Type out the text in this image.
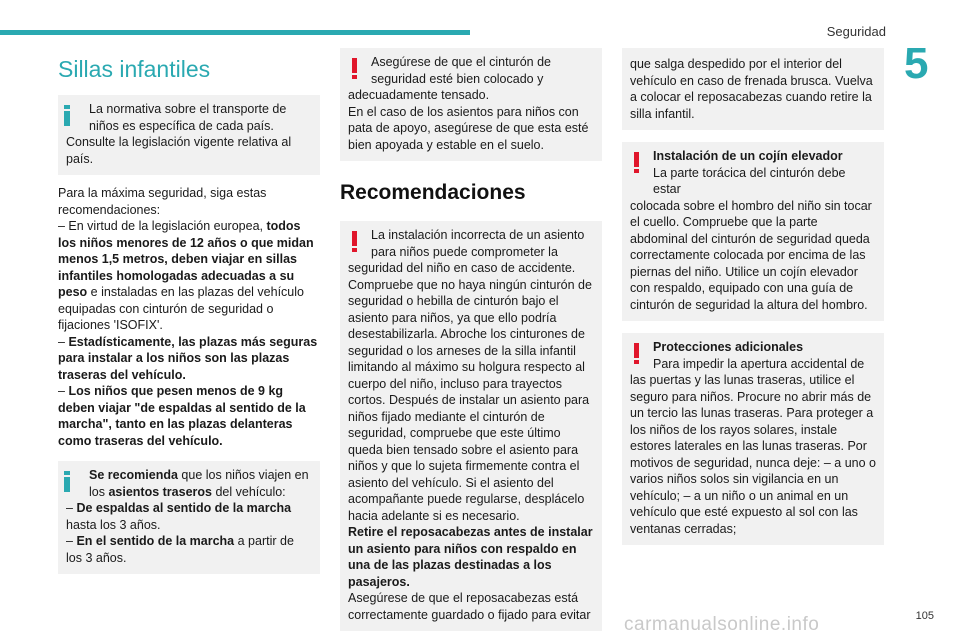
Seguridad
5
Sillas infantiles

La normativa sobre el transporte de

niños es específica de cada país.

Consulte la legislación vigente relativa al país.

Para la máxima seguridad, siga estas recomendaciones:

– En virtud de la legislación europea, todos los niños menores de 12 años o que midan menos 1,5 metros, deben viajar en sillas infantiles homologadas adecuadas a su peso e instaladas en las plazas del vehículo equipadas con cinturón de seguridad o fijaciones 'ISOFIX'.

– Estadísticamente, las plazas más seguras para instalar a los niños son las plazas traseras del vehículo.

– Los niños que pesen menos de 9 kg deben viajar "de espaldas al sentido de la marcha", tanto en las plazas delanteras como traseras del vehículo.

Se recomienda que los niños viajen en

los asientos traseros del vehículo:

– De espaldas al sentido de la marcha hasta los 3 años.

– En el sentido de la marcha a partir de los 3 años.

Asegúrese de que el cinturón de

seguridad esté bien colocado y

adecuadamente tensado.

En el caso de los asientos para niños con pata de apoyo, asegúrese de que esta esté bien apoyada y estable en el suelo.

Recomendaciones

La instalación incorrecta de un asiento

para niños puede comprometer la

seguridad del niño en caso de accidente. Compruebe que no haya ningún cinturón de seguridad o hebilla de cinturón bajo el asiento para niños, ya que ello podría desestabilizarla. Abroche los cinturones de seguridad o los arneses de la silla infantil limitando al máximo su holgura respecto al cuerpo del niño, incluso para trayectos cortos. Después de instalar un asiento para niños fijado mediante el cinturón de seguridad, compruebe que este último queda bien tensado sobre el asiento para niños y que lo sujeta firmemente contra el asiento del vehículo. Si el asiento del acompañante puede regularse, desplácelo hacia adelante si es necesario.

Retire el reposacabezas antes de instalar un asiento para niños con respaldo en una de las plazas destinadas a los pasajeros.

Asegúrese de que el reposacabezas está correctamente guardado o fijado para evitar

que salga despedido por el interior del vehículo en caso de frenada brusca. Vuelva a colocar el reposacabezas cuando retire la silla infantil.

Instalación de un cojín elevador

La parte torácica del cinturón debe estar

colocada sobre el hombro del niño sin tocar el cuello. Compruebe que la parte abdominal del cinturón de seguridad queda correctamente colocada por encima de las piernas del niño. Utilice un cojín elevador con respaldo, equipado con una guía de cinturón de seguridad la altura del hombro.

Protecciones adicionales

Para impedir la apertura accidental de

las puertas y las lunas traseras, utilice el seguro para niños. Procure no abrir más de un tercio las lunas traseras. Para proteger a los niños de los rayos solares, instale estores laterales en las lunas traseras. Por motivos de seguridad, nunca deje: – a uno o varios niños solos sin vigilancia en un vehículo; – a un niño o un animal en un vehículo que esté expuesto al sol con las ventanas cerradas;

carmanualsonline.info	105
